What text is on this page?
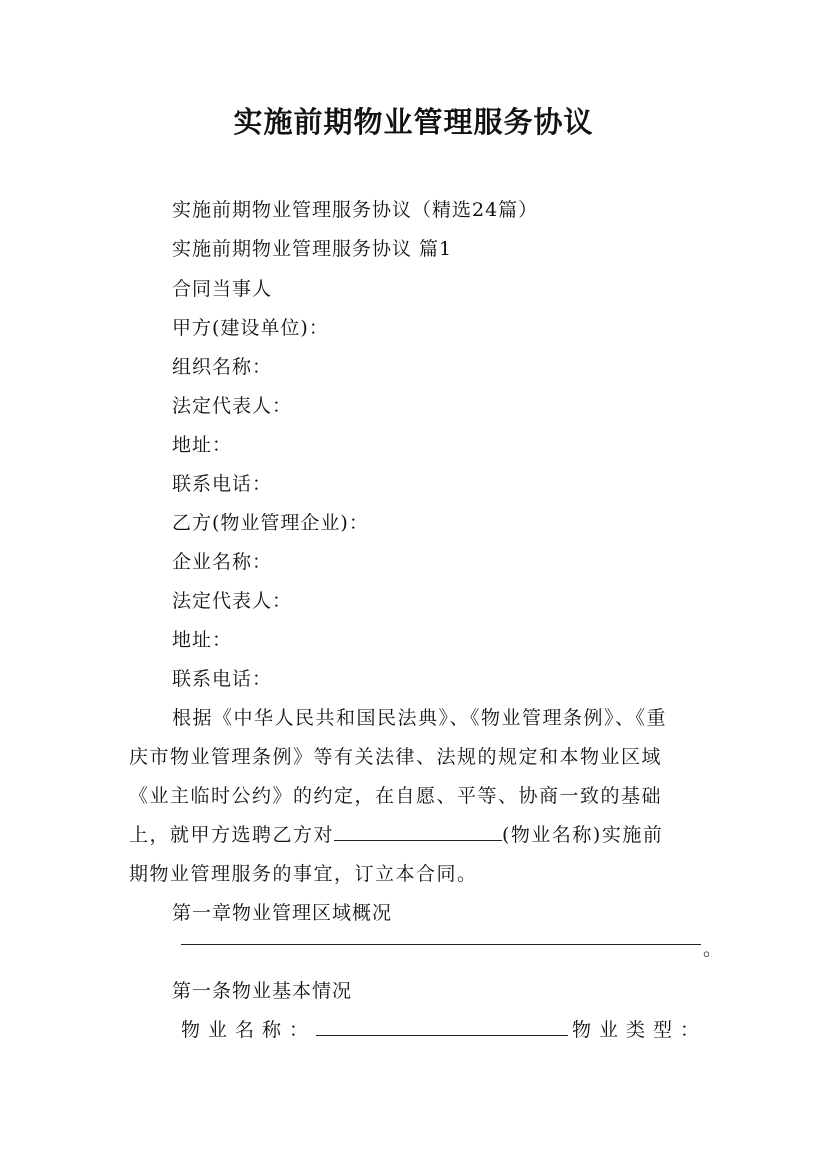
实施前期物业管理服务协议
实施前期物业管理服务协议（精选24篇）
实施前期物业管理服务协议 篇1
合同当事人
甲方(建设单位)：
组织名称：
法定代表人：
地址：
联系电话：
乙方(物业管理企业)：
企业名称：
法定代表人：
地址：
联系电话：
根据《中华人民共和国民法典》、《物业管理条例》、《重
庆市物业管理条例》等有关法律、法规的规定和本物业区域
《业主临时公约》的约定，在自愿、平等、协商一致的基础
上，就甲方选聘乙方对	(物业名称)实施前
期物业管理服务的事宜，订立本合同。
第一章物业管理区域概况
。
第一条物业基本情况
物业名称：	物业类型：
